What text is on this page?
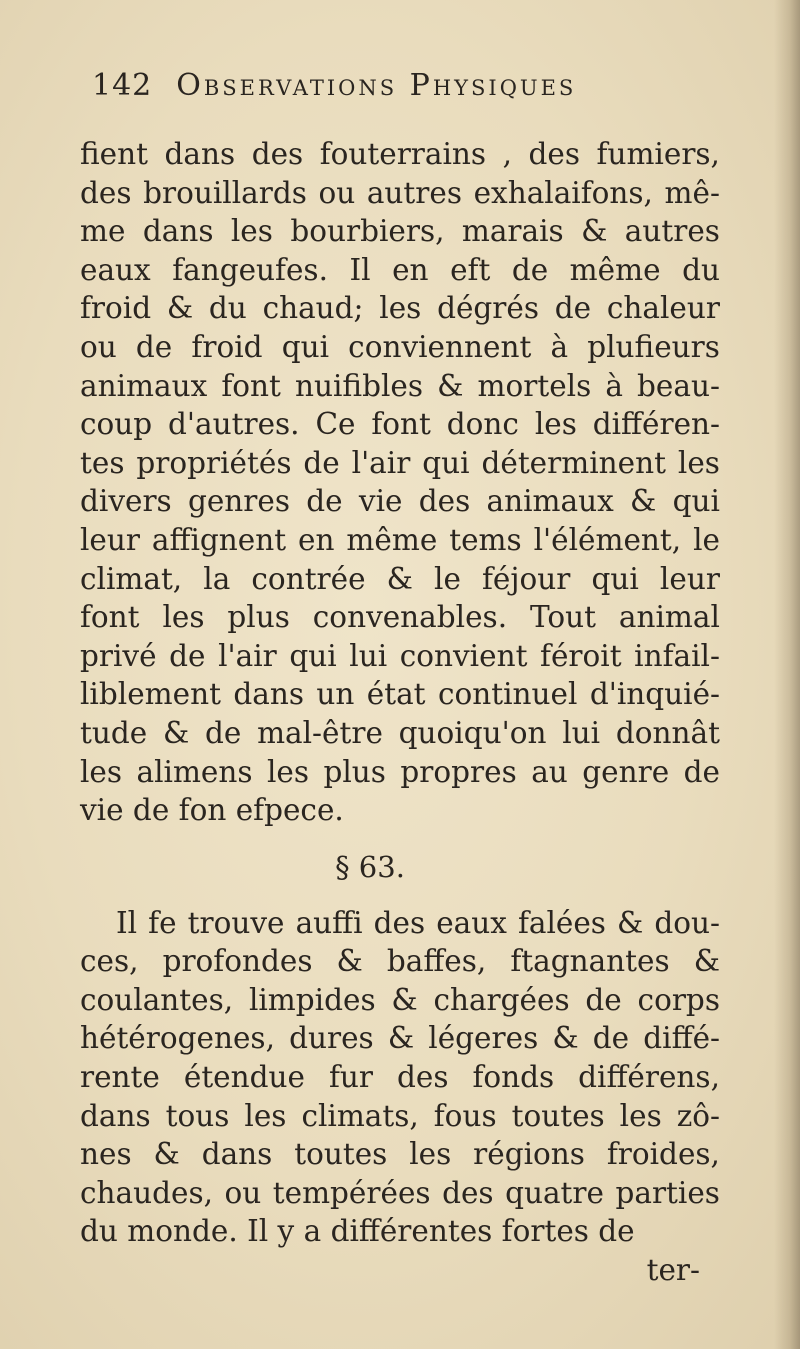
142 Observations Physiques
fient dans des fouterrains , des fumiers,
des brouillards ou autres exhalaifons, mê-
me dans les bourbiers, marais & autres
eaux fangeufes. Il en eft de même du
froid & du chaud; les dégrés de chaleur
ou de froid qui conviennent à plufieurs
animaux font nuifibles & mortels à beau-
coup d'autres. Ce font donc les différen-
tes propriétés de l'air qui déterminent les
divers genres de vie des animaux & qui
leur affignent en même tems l'élément, le
climat, la contrée & le féjour qui leur
font les plus convenables. Tout animal
privé de l'air qui lui convient féroit infail-
liblement dans un état continuel d'inquié-
tude & de mal-être quoiqu'on lui donnât
les alimens les plus propres au genre de
vie de fon efpece.
§ 63.
Il fe trouve auffi des eaux falées & dou-
ces, profondes & baffes, ftagnantes &
coulantes, limpides & chargées de corps
hétérogenes, dures & légeres & de diffé-
rente étendue fur des fonds différens,
dans tous les climats, fous toutes les zô-
nes & dans toutes les régions froides,
chaudes, ou tempérées des quatre parties
du monde. Il y a différentes fortes de
ter-
